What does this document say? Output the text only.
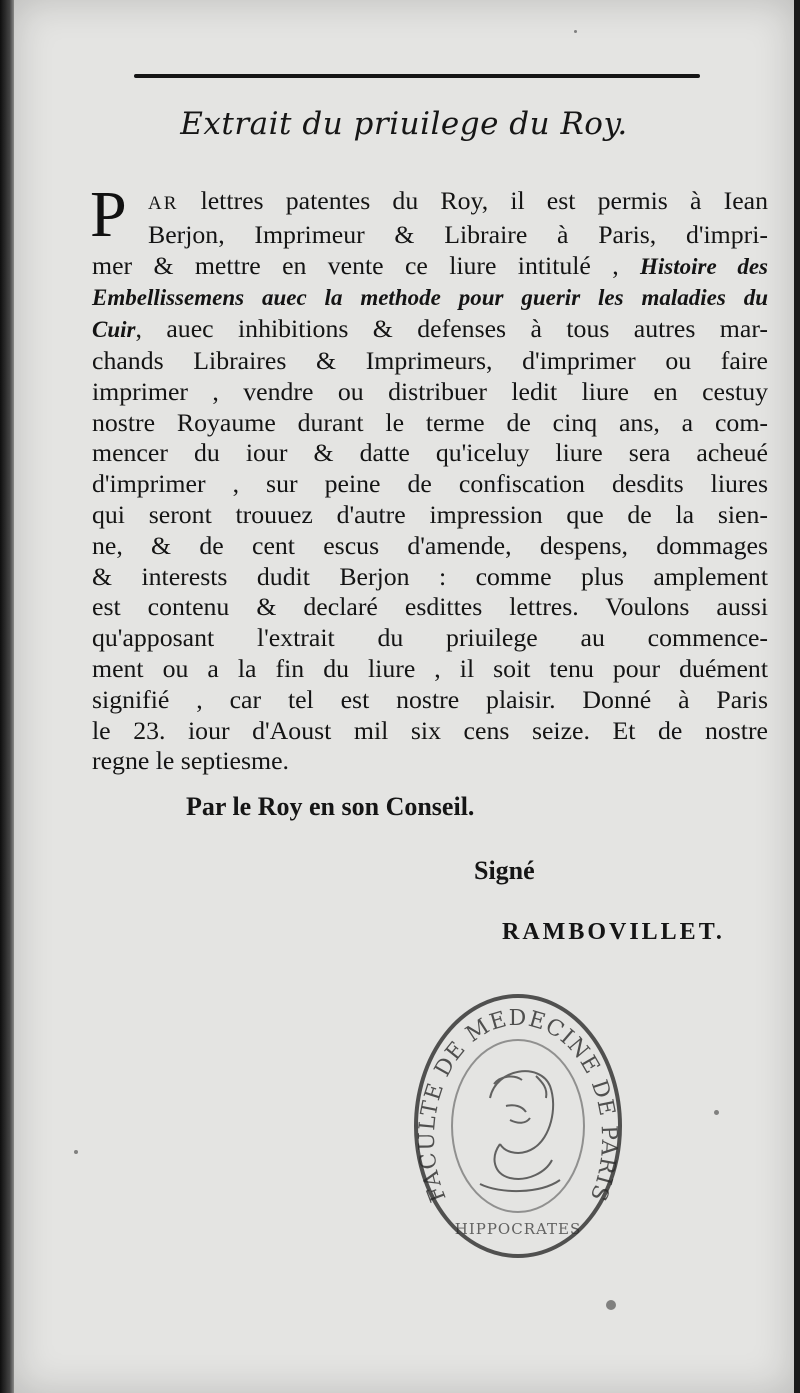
Extrait du priuilege du Roy.
P	AR lettres patentes du Roy, il est permis à Iean
Berjon, Imprimeur & Libraire à Paris, d'impri-
mer & mettre en vente ce liure intitulé , Histoire des
Embellissemens auec la methode pour guerir les maladies du
Cuir, auec inhibitions & defenses à tous autres mar-
chands Libraires & Imprimeurs, d'imprimer ou faire
imprimer , vendre ou distribuer ledit liure en cestuy
nostre Royaume durant le terme de cinq ans, a com-
mencer du iour & datte qu'iceluy liure sera acheué
d'imprimer , sur peine de confiscation desdits liures
qui seront trouuez d'autre impression que de la sien-
ne, & de cent escus d'amende, despens, dommages
& interests dudit Berjon : comme plus amplement
est contenu & declaré esdittes lettres. Voulons aussi
qu'apposant l'extrait du priuilege au commence-
ment ou a la fin du liure , il soit tenu pour duément
signifié , car tel est nostre plaisir. Donné à Paris
le 23. iour d'Aoust mil six cens seize. Et de nostre
regne le septiesme.
Par le Roy en son Conseil.
Signé
RAMBOVILLET.
FACULTE DE MEDECINE DE PARIS
HIPPOCRATES
